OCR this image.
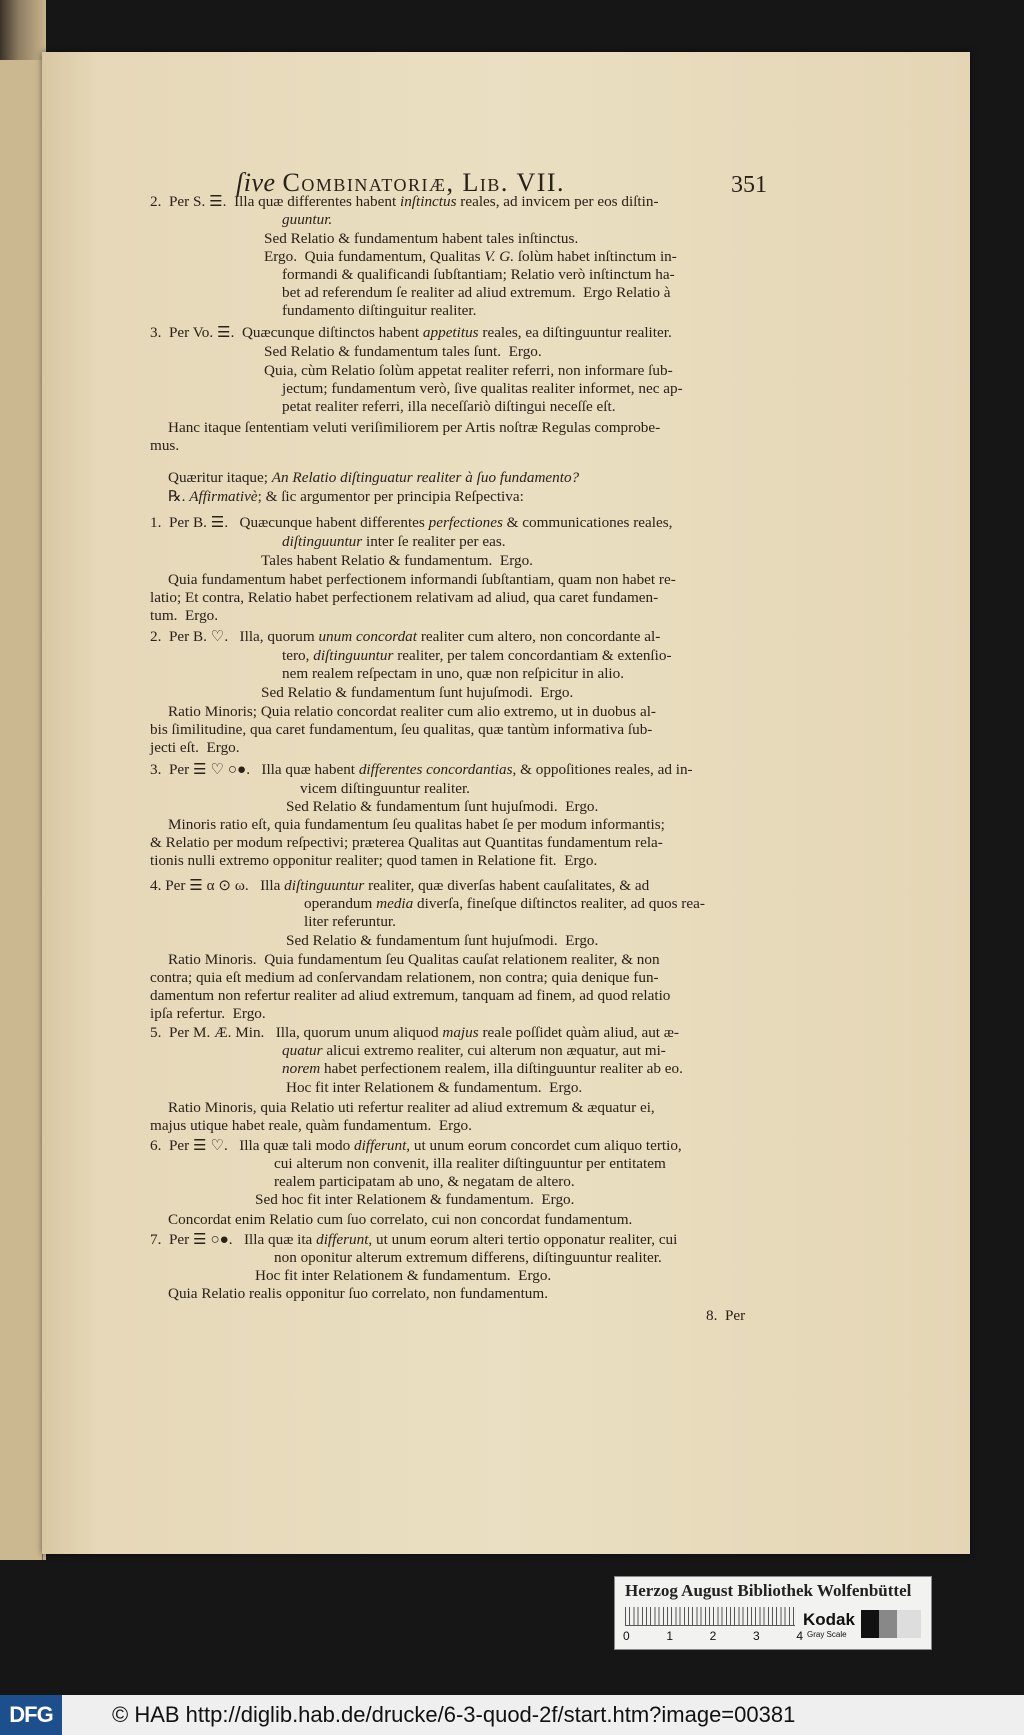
ſive Combinatoriæ, Lib. VII.	351
2.  Per S. ☰.  Illa quæ differentes habent inſtinctus reales, ad invicem per eos diſtin-
guuntur.
Sed Relatio & fundamentum habent tales inſtinctus.
Ergo.  Quia fundamentum, Qualitas V. G. ſolùm habet inſtinctum in-
formandi & qualificandi ſubſtantiam; Relatio verò inſtinctum ha-
bet ad referendum ſe realiter ad aliud extremum.  Ergo Relatio à
fundamento diſtinguitur realiter.
3.  Per Vo. ☰.  Quæcunque diſtinctos habent appetitus reales, ea diſtinguuntur realiter.
Sed Relatio & fundamentum tales ſunt.  Ergo.
Quia, cùm Relatio ſolùm appetat realiter referri, non informare ſub-
jectum; fundamentum verò, ſive qualitas realiter informet, nec ap-
petat realiter referri, illa neceſſariò diſtingui neceſſe eſt.
Hanc itaque ſententiam veluti veriſimiliorem per Artis noſtræ Regulas comprobe-
mus.
Quæritur itaque; An Relatio diſtinguatur realiter à ſuo fundamento?
℞. Affirmativè; & ſic argumentor per principia Reſpectiva:
1.  Per B. ☰.   Quæcunque habent differentes perfectiones & communicationes reales,
diſtinguuntur inter ſe realiter per eas.
Tales habent Relatio & fundamentum.  Ergo.
Quia fundamentum habet perfectionem informandi ſubſtantiam, quam non habet re-
latio; Et contra, Relatio habet perfectionem relativam ad aliud, qua caret fundamen-
tum.  Ergo.
2.  Per B. ♡.   Illa, quorum unum concordat realiter cum altero, non concordante al-
tero, diſtinguuntur realiter, per talem concordantiam & extenſio-
nem realem reſpectam in uno, quæ non reſpicitur in alio.
Sed Relatio & fundamentum ſunt hujuſmodi.  Ergo.
Ratio Minoris; Quia relatio concordat realiter cum alio extremo, ut in duobus al-
bis ſimilitudine, qua caret fundamentum, ſeu qualitas, quæ tantùm informativa ſub-
jecti eſt.  Ergo.
3.  Per ☰ ♡ ○●.   Illa quæ habent differentes concordantias, & oppoſitiones reales, ad in-
vicem diſtinguuntur realiter.
Sed Relatio & fundamentum ſunt hujuſmodi.  Ergo.
Minoris ratio eſt, quia fundamentum ſeu qualitas habet ſe per modum informantis;
& Relatio per modum reſpectivi; præterea Qualitas aut Quantitas fundamentum rela-
tionis nulli extremo opponitur realiter; quod tamen in Relatione fit.  Ergo.
4. Per ☰ α ⊙ ω.   Illa diſtinguuntur realiter, quæ diverſas habent cauſalitates, & ad
operandum media diverſa, fineſque diſtinctos realiter, ad quos rea-
liter referuntur.
Sed Relatio & fundamentum ſunt hujuſmodi.  Ergo.
Ratio Minoris.  Quia fundamentum ſeu Qualitas cauſat relationem realiter, & non
contra; quia eſt medium ad conſervandam relationem, non contra; quia denique fun-
damentum non refertur realiter ad aliud extremum, tanquam ad finem, ad quod relatio
ipſa refertur.  Ergo.
5.  Per M. Æ. Min.   Illa, quorum unum aliquod majus reale poſſidet quàm aliud, aut æ-
quatur alicui extremo realiter, cui alterum non æquatur, aut mi-
norem habet perfectionem realem, illa diſtinguuntur realiter ab eo.
Hoc fit inter Relationem & fundamentum.  Ergo.
Ratio Minoris, quia Relatio uti refertur realiter ad aliud extremum & æquatur ei,
majus utique habet reale, quàm fundamentum.  Ergo.
6.  Per ☰ ♡.   Illa quæ tali modo differunt, ut unum eorum concordet cum aliquo tertio,
cui alterum non convenit, illa realiter diſtinguuntur per entitatem
realem participatam ab uno, & negatam de altero.
Sed hoc fit inter Relationem & fundamentum.  Ergo.
Concordat enim Relatio cum ſuo correlato, cui non concordat fundamentum.
7.  Per ☰ ○●.   Illa quæ ita differunt, ut unum eorum alteri tertio opponatur realiter, cui
non oponitur alterum extremum differens, diſtinguuntur realiter.
Hoc fit inter Relationem & fundamentum.  Ergo.
Quia Relatio realis opponitur ſuo correlato, non fundamentum.
8.  Per
Herzog August Bibliothek Wolfenbüttel
0	1	2	3	4
Kodak
Gray Scale
DFG	© HAB http://diglib.hab.de/drucke/6-3-quod-2f/start.htm?image=00381
